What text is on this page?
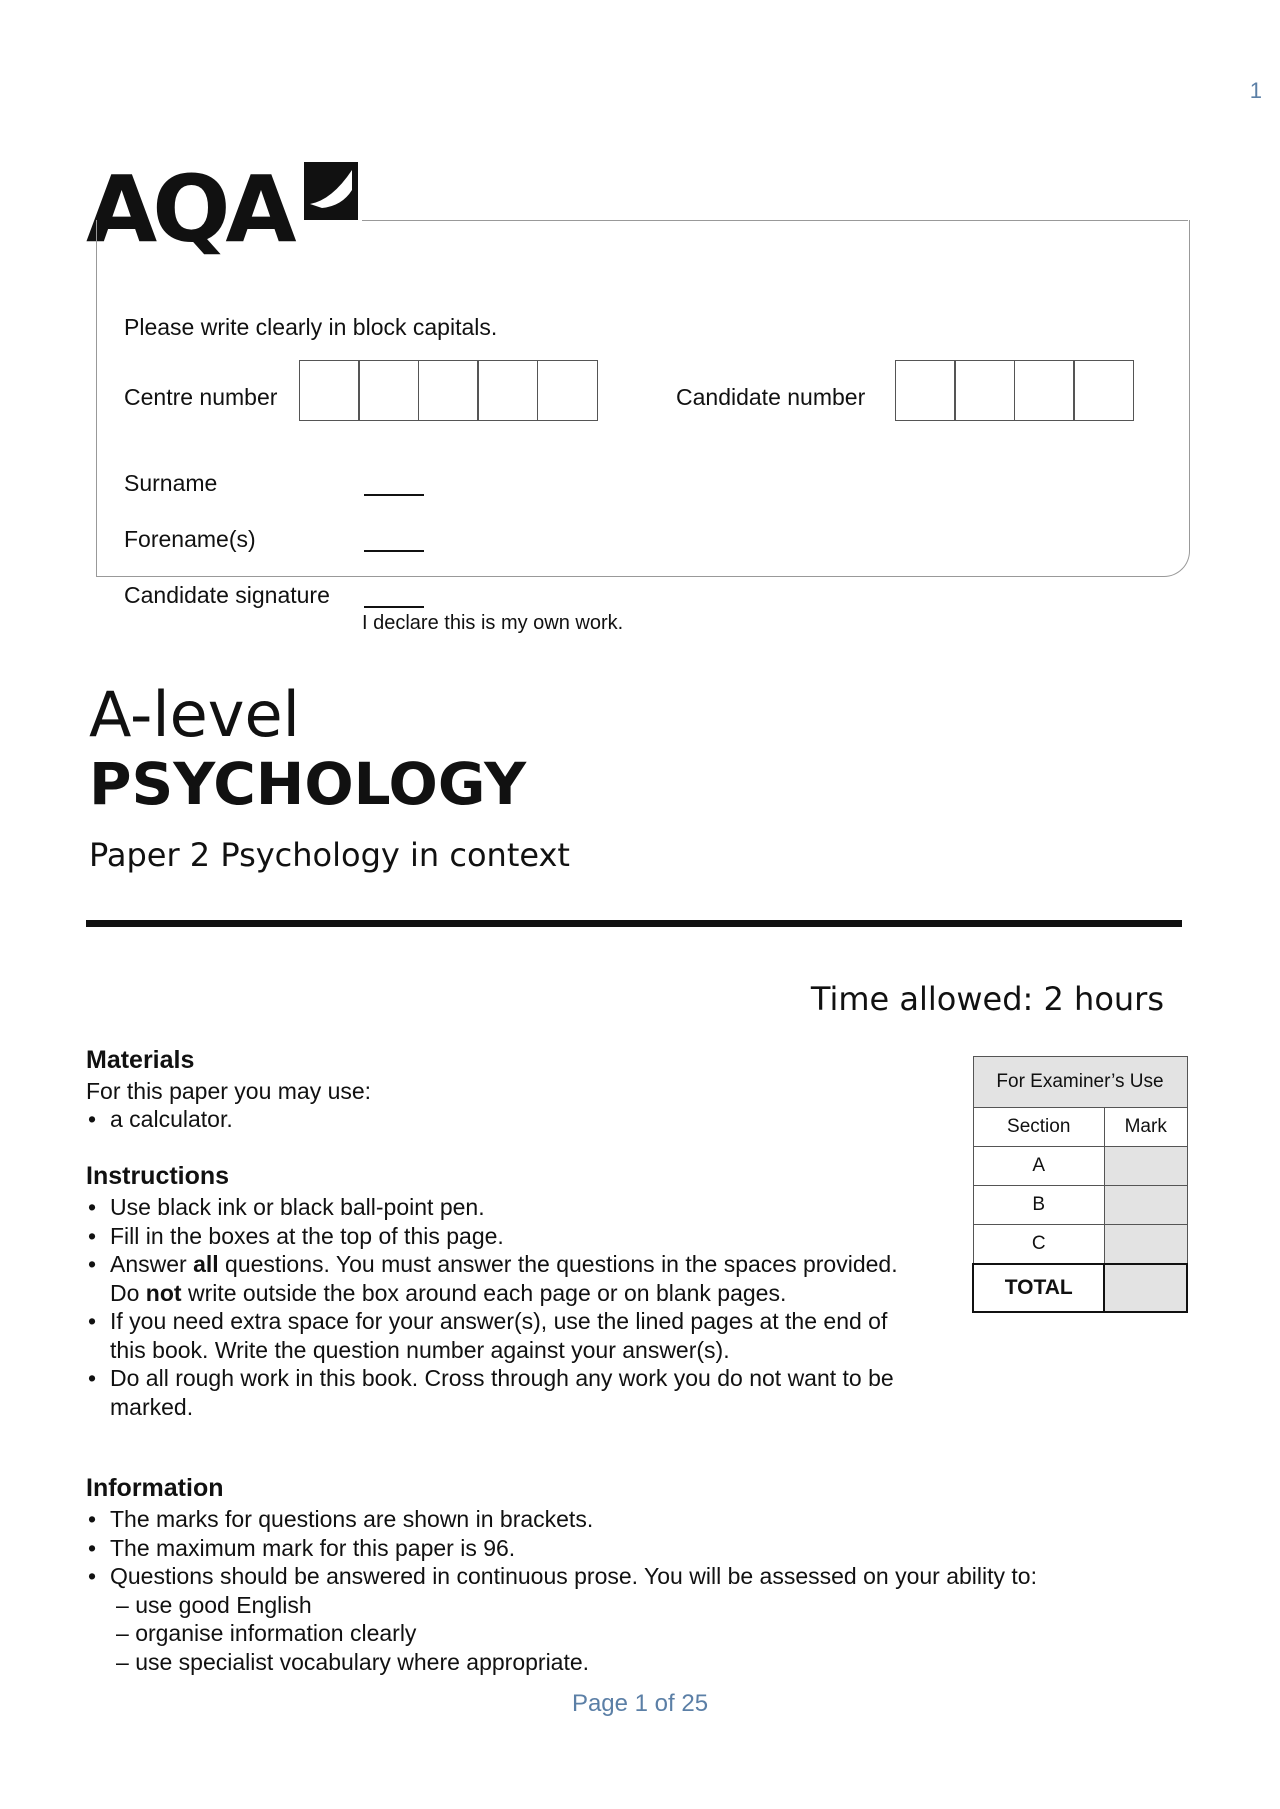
1
AQA
Please write clearly in block capitals.
Centre number	Candidate number
Surname
Forename(s)
Candidate signature
I declare this is my own work.
A-level
PSYCHOLOGY
Paper 2 Psychology in context
Time allowed: 2 hours
Materials
For this paper you may use:
• a calculator.
Instructions
• Use black ink or black ball-point pen.
• Fill in the boxes at the top of this page.
• Answer all questions. You must answer the questions in the spaces provided. Do not write outside the box around each page or on blank pages.
• If you need extra space for your answer(s), use the lined pages at the end of this book. Write the question number against your answer(s).
• Do all rough work in this book. Cross through any work you do not want to be marked.
Information
• The marks for questions are shown in brackets.
• The maximum mark for this paper is 96.
• Questions should be answered in continuous prose. You will be assessed on your ability to:
– use good English
– organise information clearly
– use specialist vocabulary where appropriate.
For Examiner’s Use	
Section	Mark
A	
B	
C	
TOTAL	
Page 1 of 25
